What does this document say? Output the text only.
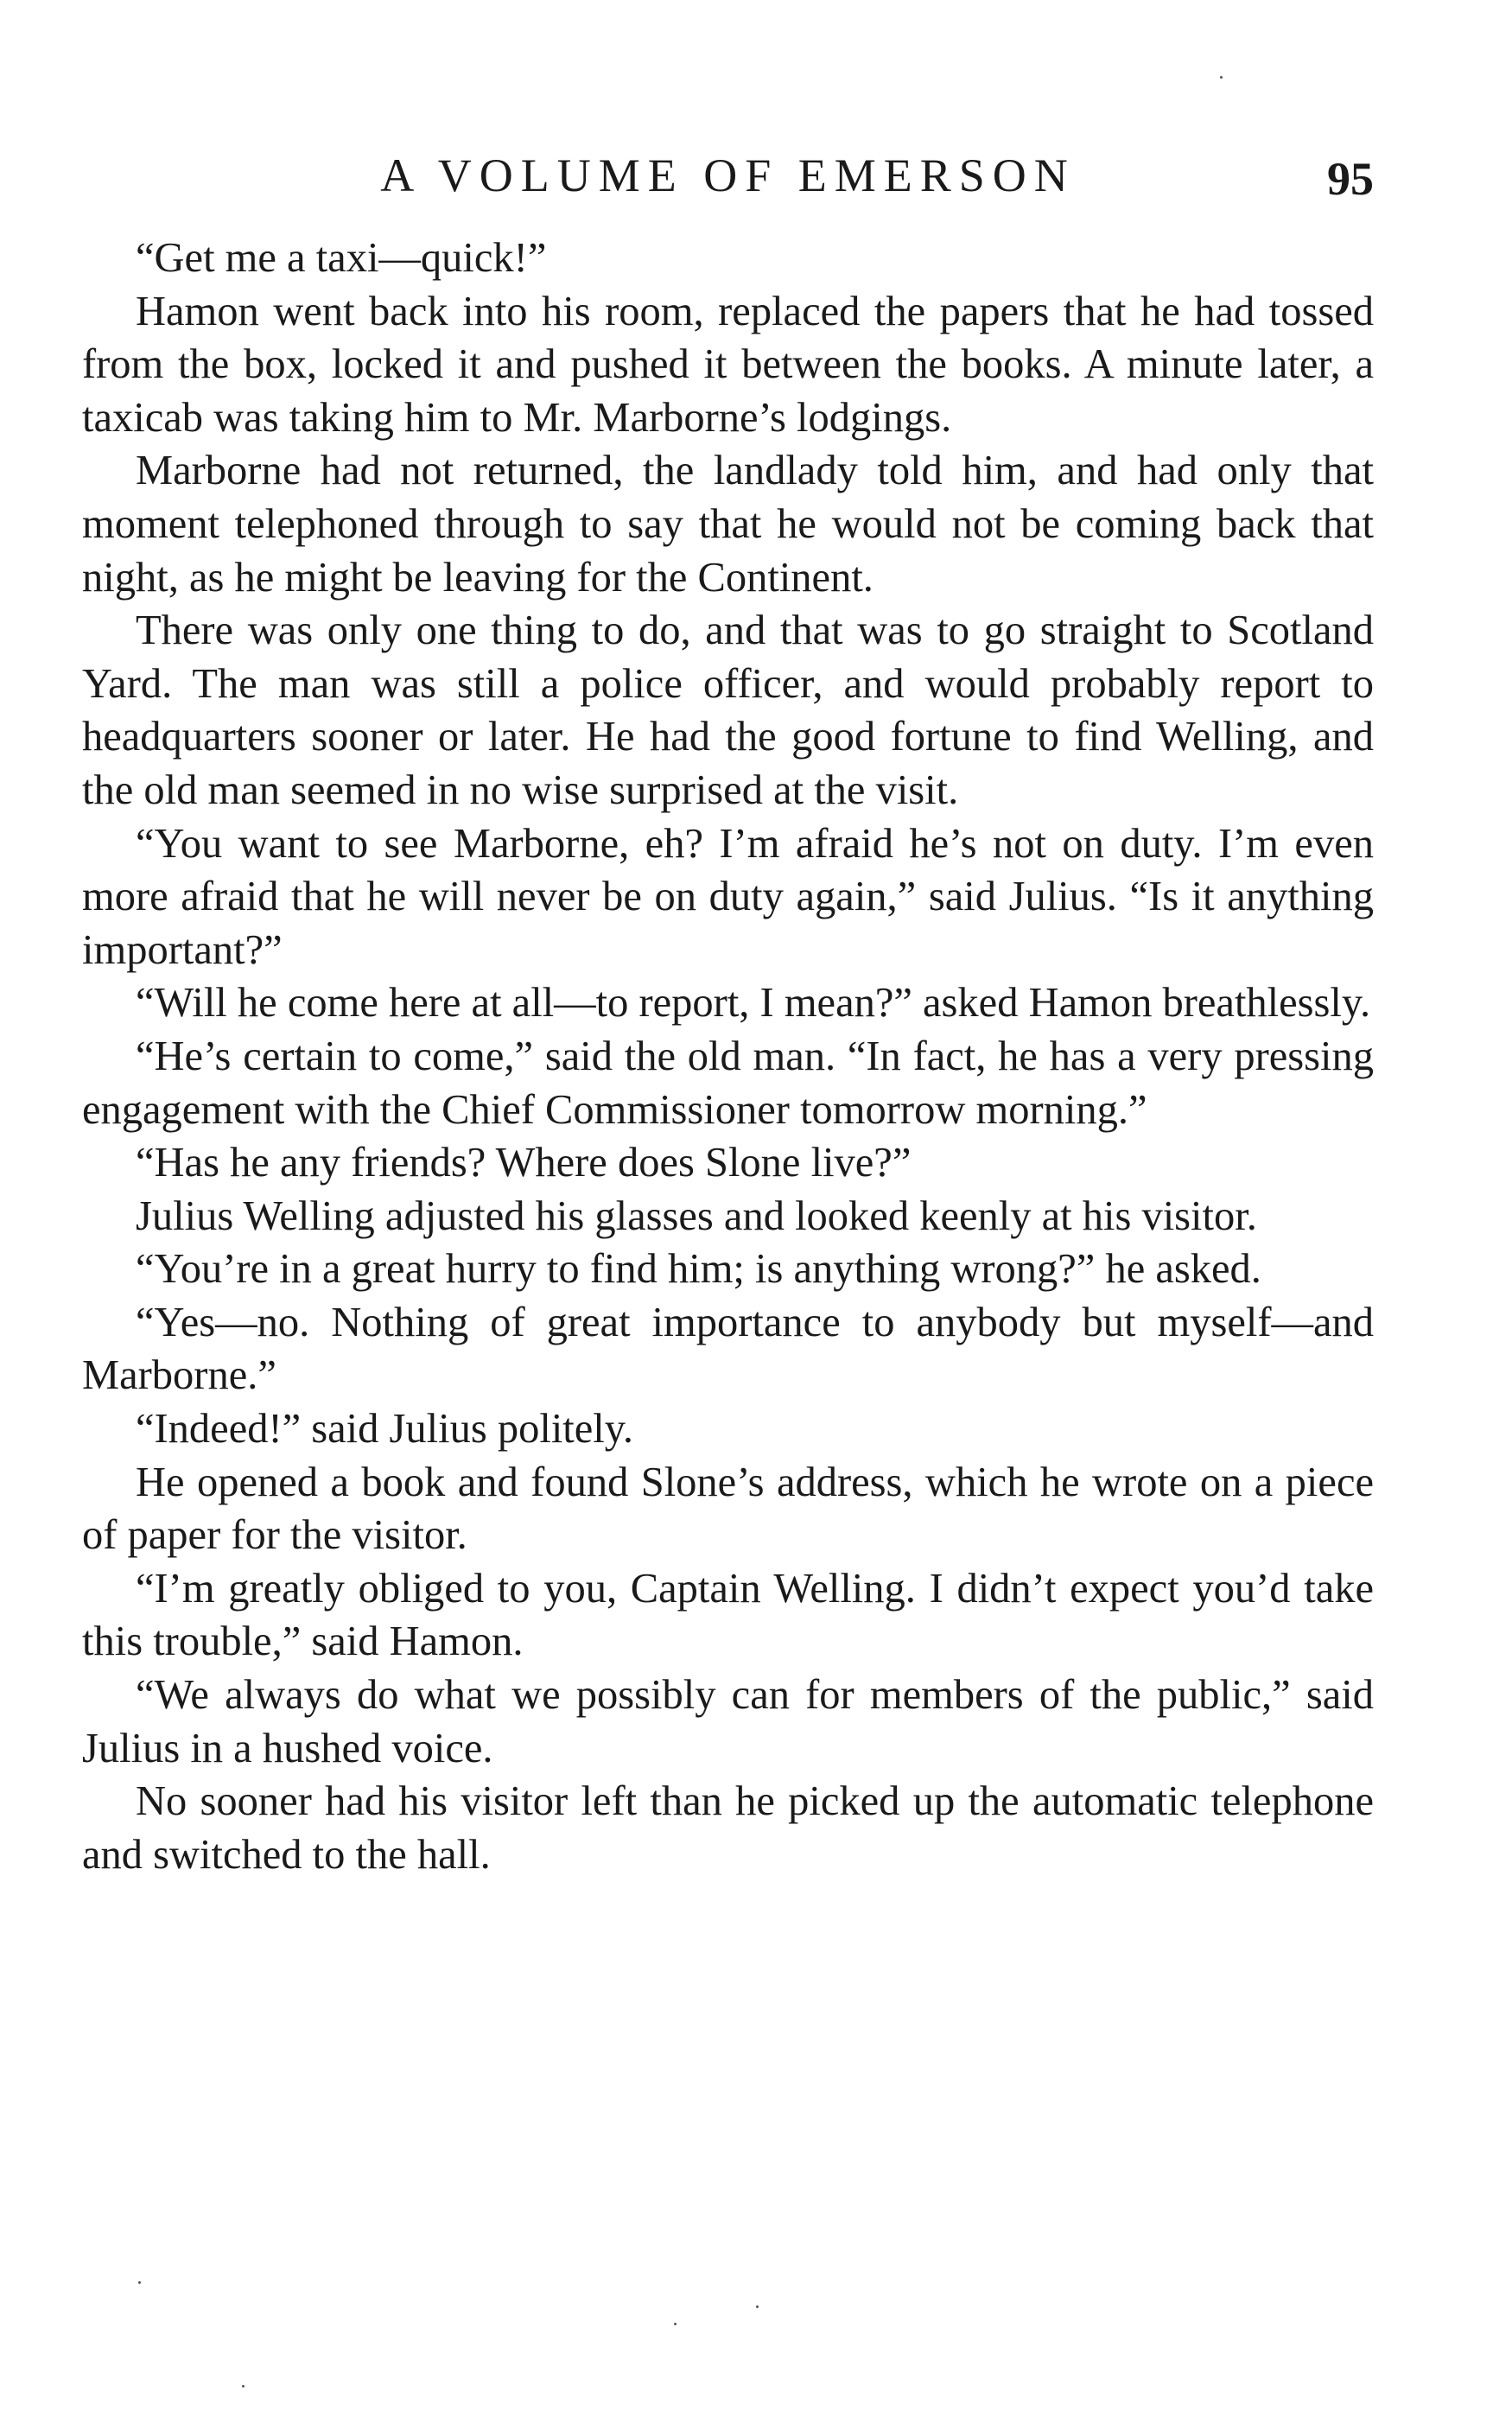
A VOLUME OF EMERSON	95

“Get me a taxi—quick!”

Hamon went back into his room, replaced the papers that he had tossed from the box, locked it and pushed it between the books. A minute later, a taxicab was taking him to Mr. Marborne’s lodgings.

Marborne had not returned, the landlady told him, and had only that moment telephoned through to say that he would not be coming back that night, as he might be leaving for the Continent.

There was only one thing to do, and that was to go straight to Scotland Yard. The man was still a police officer, and would probably report to headquarters sooner or later. He had the good fortune to find Welling, and the old man seemed in no wise surprised at the visit.

“You want to see Marborne, eh? I’m afraid he’s not on duty. I’m even more afraid that he will never be on duty again,” said Julius. “Is it anything important?”

“Will he come here at all—to report, I mean?” asked Hamon breathlessly.

“He’s certain to come,” said the old man. “In fact, he has a very pressing engagement with the Chief Commissioner tomorrow morning.”

“Has he any friends? Where does Slone live?”

Julius Welling adjusted his glasses and looked keenly at his visitor.

“You’re in a great hurry to find him; is anything wrong?” he asked.

“Yes—no. Nothing of great importance to anybody but myself—and Marborne.”

“Indeed!” said Julius politely.

He opened a book and found Slone’s address, which he wrote on a piece of paper for the visitor.

“I’m greatly obliged to you, Captain Welling. I didn’t expect you’d take this trouble,” said Hamon.

“We always do what we possibly can for members of the public,” said Julius in a hushed voice.

No sooner had his visitor left than he picked up the automatic telephone and switched to the hall.
